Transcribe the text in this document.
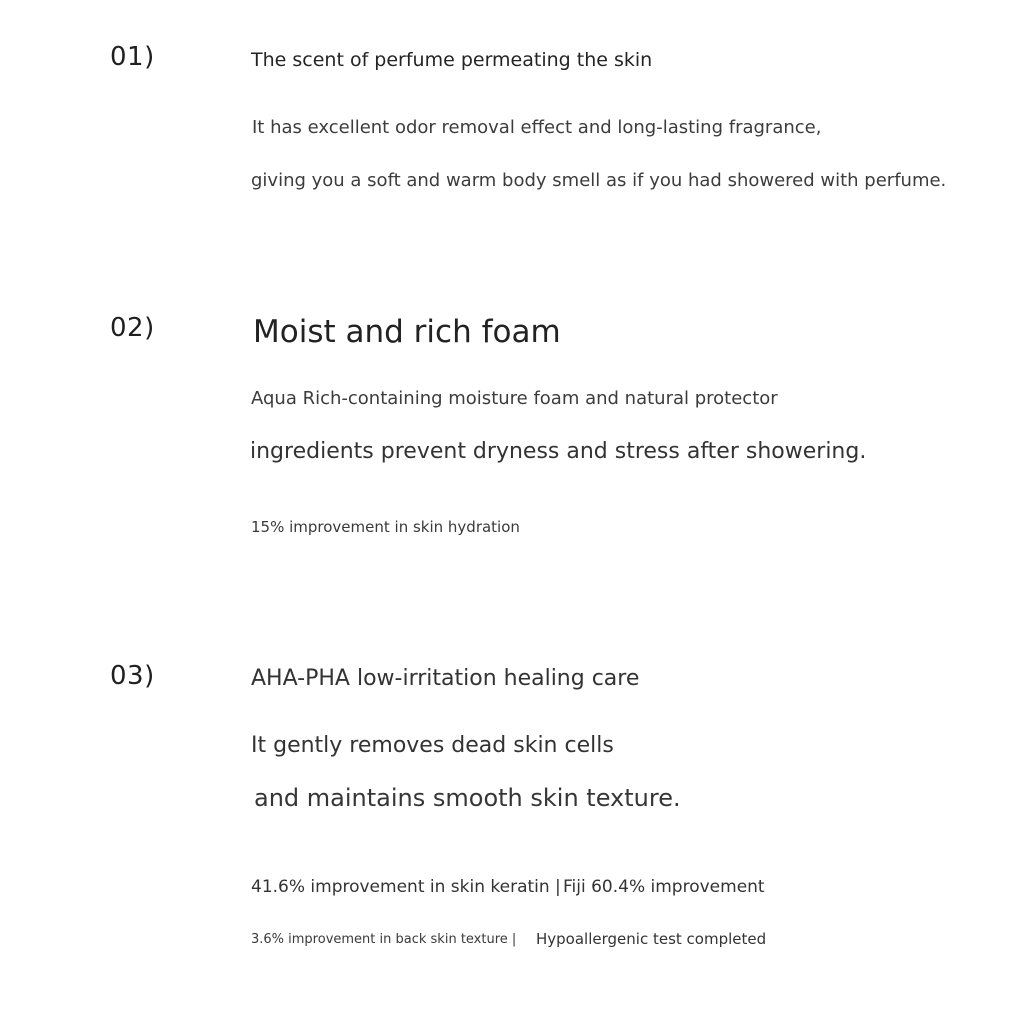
01)	The scent of perfume permeating the skin
It has excellent odor removal effect and long-lasting fragrance,
giving you a soft and warm body smell as if you had showered with perfume.
02)	Moist and rich foam
Aqua Rich-containing moisture foam and natural protector
ingredients prevent dryness and stress after showering.
15% improvement in skin hydration
03)	AHA-PHA low-irritation healing care
It gently removes dead skin cells
and maintains smooth skin texture.
41.6% improvement in skin keratin | Fiji 60.4% improvement
3.6% improvement in back skin texture | Hypoallergenic test completed
